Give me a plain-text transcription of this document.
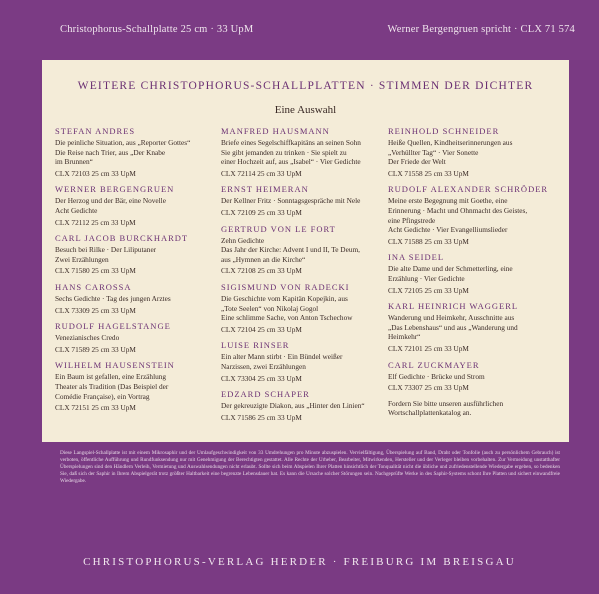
Christophorus-Schallplatte 25 cm · 33 UpM	Werner Bergengruen spricht · CLX 71 574
WEITERE CHRISTOPHORUS-SCHALLPLATTEN · STIMMEN DER DICHTER
Eine Auswahl
STEFAN ANDRES
Die peinliche Situation, aus „Reporter Gottes“
Die Reise nach Trier, aus „Der Knabe
im Brunnen“
CLX 72103 25 cm 33 UpM
WERNER BERGENGRUEN
Der Herzog und der Bär, eine Novelle
Acht Gedichte
CLX 72112 25 cm 33 UpM
CARL JACOB BURCKHARDT
Besuch bei Rilke · Der Liliputaner
Zwei Erzählungen
CLX 71580 25 cm 33 UpM
HANS CAROSSA
Sechs Gedichte · Tag des jungen Arztes
CLX 73309 25 cm 33 UpM
RUDOLF HAGELSTANGE
Venezianisches Credo
CLX 71589 25 cm 33 UpM
WILHELM HAUSENSTEIN
Ein Baum ist gefallen, eine Erzählung
Theater als Tradition (Das Beispiel der
Comédie Française), ein Vortrag
CLX 72151 25 cm 33 UpM
MANFRED HAUSMANN
Briefe eines Segelschiffkapitäns an seinen Sohn
Sie gibt jemanden zu trinken · Sie spielt zu
einer Hochzeit auf, aus „Isabel“ · Vier Gedichte
CLX 72114 25 cm 33 UpM
ERNST HEIMERAN
Der Kellner Fritz · Sonntagsgespräche mit Nele
CLX 72109 25 cm 33 UpM
GERTRUD VON LE FORT
Zehn Gedichte
Das Jahr der Kirche: Advent I und II, Te Deum,
aus „Hymnen an die Kirche“
CLX 72108 25 cm 33 UpM
SIGISMUND VON RADECKI
Die Geschichte vom Kapitän Kopejkin, aus
„Tote Seelen“ von Nikolaj Gogol
Eine schlimme Sache, von Anton Tschechow
CLX 72104 25 cm 33 UpM
LUISE RINSER
Ein alter Mann stirbt · Ein Bündel weißer
Narzissen, zwei Erzählungen
CLX 73304 25 cm 33 UpM
EDZARD SCHAPER
Der gekreuzigte Diakon, aus „Hinter den Linien“
CLX 71586 25 cm 33 UpM
REINHOLD SCHNEIDER
Heiße Quellen, Kindheitserinnerungen aus
„Verhüllter Tag“ · Vier Sonette
Der Friede der Welt
CLX 71558 25 cm 33 UpM
RUDOLF ALEXANDER SCHRÖDER
Meine erste Begegnung mit Goethe, eine
Erinnerung · Macht und Ohnmacht des Geistes,
eine Pfingstrede
Acht Gedichte · Vier Evangelliumslieder
CLX 71588 25 cm 33 UpM
INA SEIDEL
Die alte Dame und der Schmetterling, eine
Erzählung · Vier Gedichte
CLX 72105 25 cm 33 UpM
KARL HEINRICH WAGGERL
Wanderung und Heimkehr, Ausschnitte aus
„Das Lebenshaus“ und aus „Wanderung und
Heimkehr“
CLX 72101 25 cm 33 UpM
CARL ZUCKMAYER
Elf Gedichte · Brücke und Strom
CLX 73307 25 cm 33 UpM
Fordern Sie bitte unseren ausführlichen
Wortschallplattenkatalog an.
Diese Langspiel-Schallplatte ist mit einem Mikrosaphir und der Umlaufgeschwindigkeit von 33 Umdrehungen pro Minute abzuspielen. Vervielfältigung, Überspielung auf Band, Draht oder Tonfolie (auch zu persönlichem Gebrauch) ist verboten, öffentliche Aufführung und Rundfunksendung nur mit Genehmigung der Berechtigten gestattet. Alle Rechte der Urheber, Bearbeiter, Mitwirkenden, Hersteller und der Verleger bleiben vorbehalten. Zur Vermeidung unstatthafter Überspielungen sind den Händlern Verleih, Vermietung und Auswahlsendungen nicht erlaubt. Sollte sich beim Abspielen Ihrer Platten hinsichtlich der Tonqualität nicht die übliche und zufriedenstellende Wiedergabe ergeben, so bedenken Sie, daß sich der Saphir in Ihrem Abspielgerät trotz größter Haltbarkeit eine begrenzte Lebensdauer hat. Es kann die Ursache solcher Störungen sein. Nachgeprüfte Werke in des Saphir-Systems schont Ihre Platten und sichert einwandfreie Wiedergabe.
CHRISTOPHORUS-VERLAG HERDER · FREIBURG IM BREISGAU
